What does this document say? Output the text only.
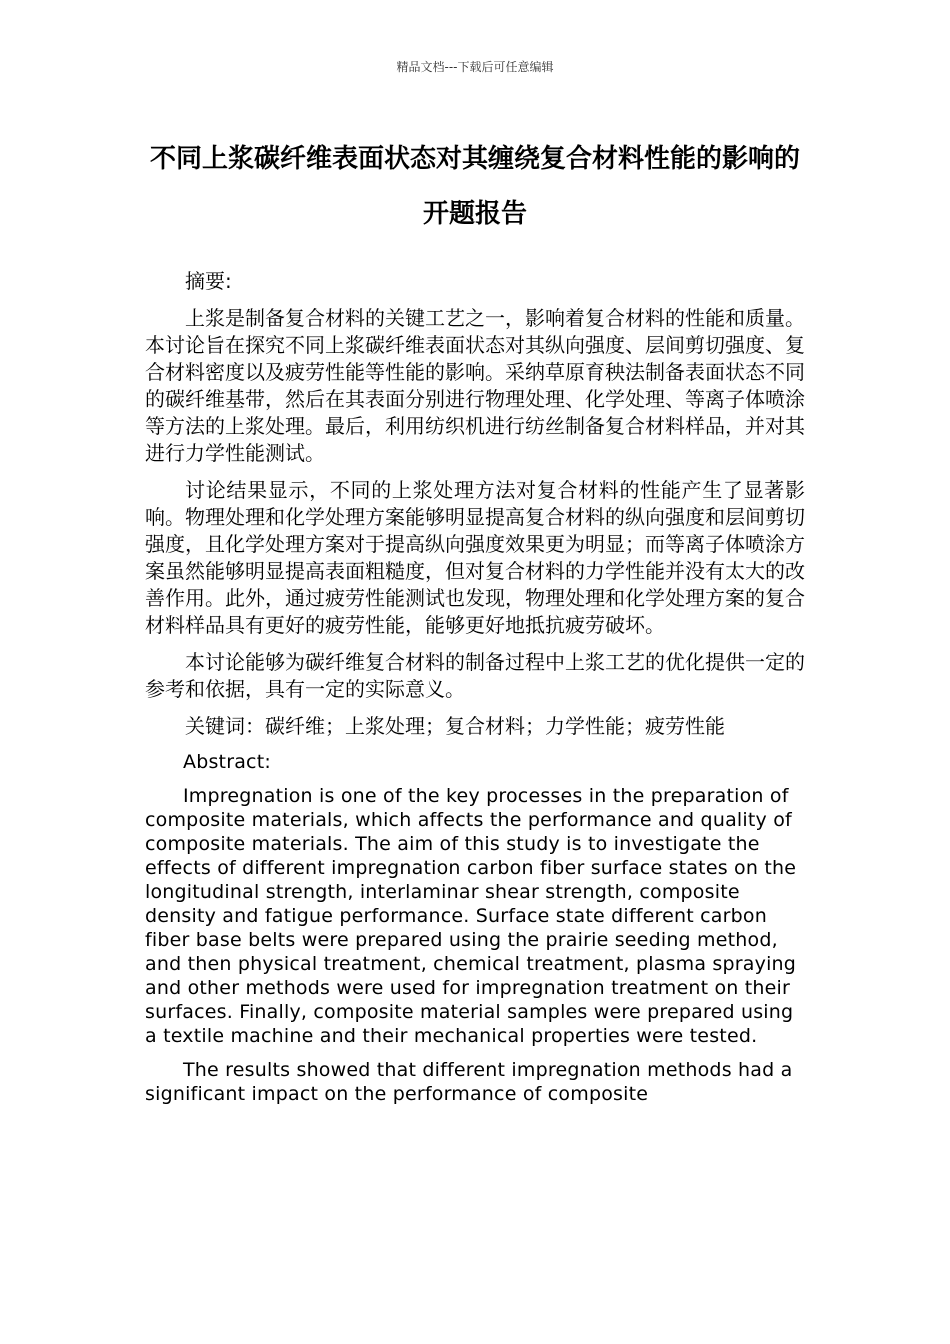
精品文档---下载后可任意编辑
不同上浆碳纤维表面状态对其缠绕复合材料性能的影响的开题报告

摘要:

上浆是制备复合材料的关键工艺之一，影响着复合材料的性能和质量。本讨论旨在探究不同上浆碳纤维表面状态对其纵向强度、层间剪切强度、复合材料密度以及疲劳性能等性能的影响。采纳草原育秧法制备表面状态不同的碳纤维基带，然后在其表面分别进行物理处理、化学处理、等离子体喷涂等方法的上浆处理。最后，利用纺织机进行纺丝制备复合材料样品，并对其进行力学性能测试。

讨论结果显示，不同的上浆处理方法对复合材料的性能产生了显著影响。物理处理和化学处理方案能够明显提高复合材料的纵向强度和层间剪切强度，且化学处理方案对于提高纵向强度效果更为明显；而等离子体喷涂方案虽然能够明显提高表面粗糙度，但对复合材料的力学性能并没有太大的改善作用。此外，通过疲劳性能测试也发现，物理处理和化学处理方案的复合材料样品具有更好的疲劳性能，能够更好地抵抗疲劳破坏。

本讨论能够为碳纤维复合材料的制备过程中上浆工艺的优化提供一定的参考和依据，具有一定的实际意义。

关键词：碳纤维；上浆处理；复合材料；力学性能；疲劳性能

Abstract:

Impregnation is one of the key processes in the preparation of composite materials, which affects the performance and quality of composite materials. The aim of this study is to investigate the effects of different impregnation carbon fiber surface states on the longitudinal strength, interlaminar shear strength, composite density and fatigue performance. Surface state different carbon fiber base belts were prepared using the prairie seeding method, and then physical treatment, chemical treatment, plasma spraying and other methods were used for impregnation treatment on their surfaces. Finally, composite material samples were prepared using a textile machine and their mechanical properties were tested.

The results showed that different impregnation methods had a significant impact on the performance of composite
